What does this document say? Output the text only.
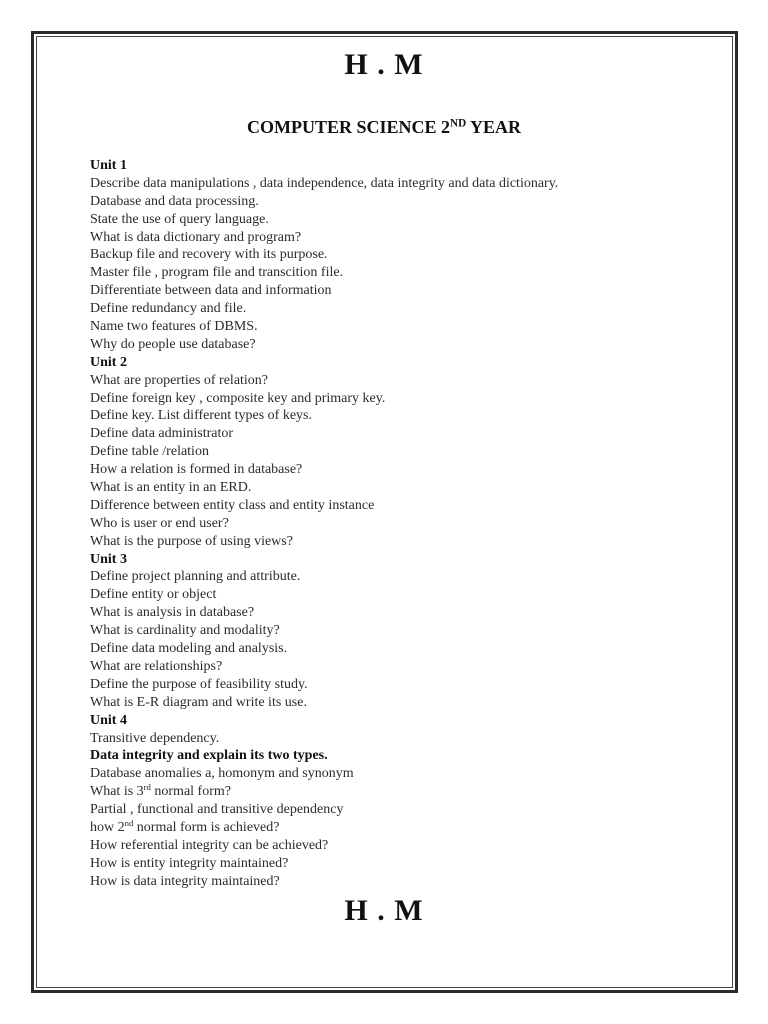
H . M
COMPUTER SCIENCE 2ND YEAR
Unit 1
Describe data manipulations , data independence, data integrity and data dictionary.
Database and data processing.
State the use of query language.
What is data dictionary and program?
Backup file and recovery with its purpose.
Master file , program file and transcition file.
Differentiate between data and information
Define redundancy and file.
Name two features of DBMS.
Why do people use database?
Unit 2
What are properties of relation?
Define foreign key , composite key and primary key.
Define key. List different types of keys.
Define data administrator
Define table /relation
How a relation is formed in database?
What is an entity in an ERD.
Difference between entity class and entity instance
Who is user or end user?
What is the purpose of using views?
Unit 3
Define project planning and attribute.
Define entity or object
What is analysis in database?
What is cardinality and modality?
Define data modeling and analysis.
What are relationships?
Define the purpose of feasibility study.
What is E-R diagram and write its use.
Unit 4
Transitive dependency.
Data integrity and explain its two types.
Database anomalies a, homonym and synonym
What is 3rd normal form?
Partial , functional and transitive dependency
how 2nd normal form is achieved?
How referential integrity can be achieved?
How is entity integrity maintained?
How is data integrity maintained?
H . M
